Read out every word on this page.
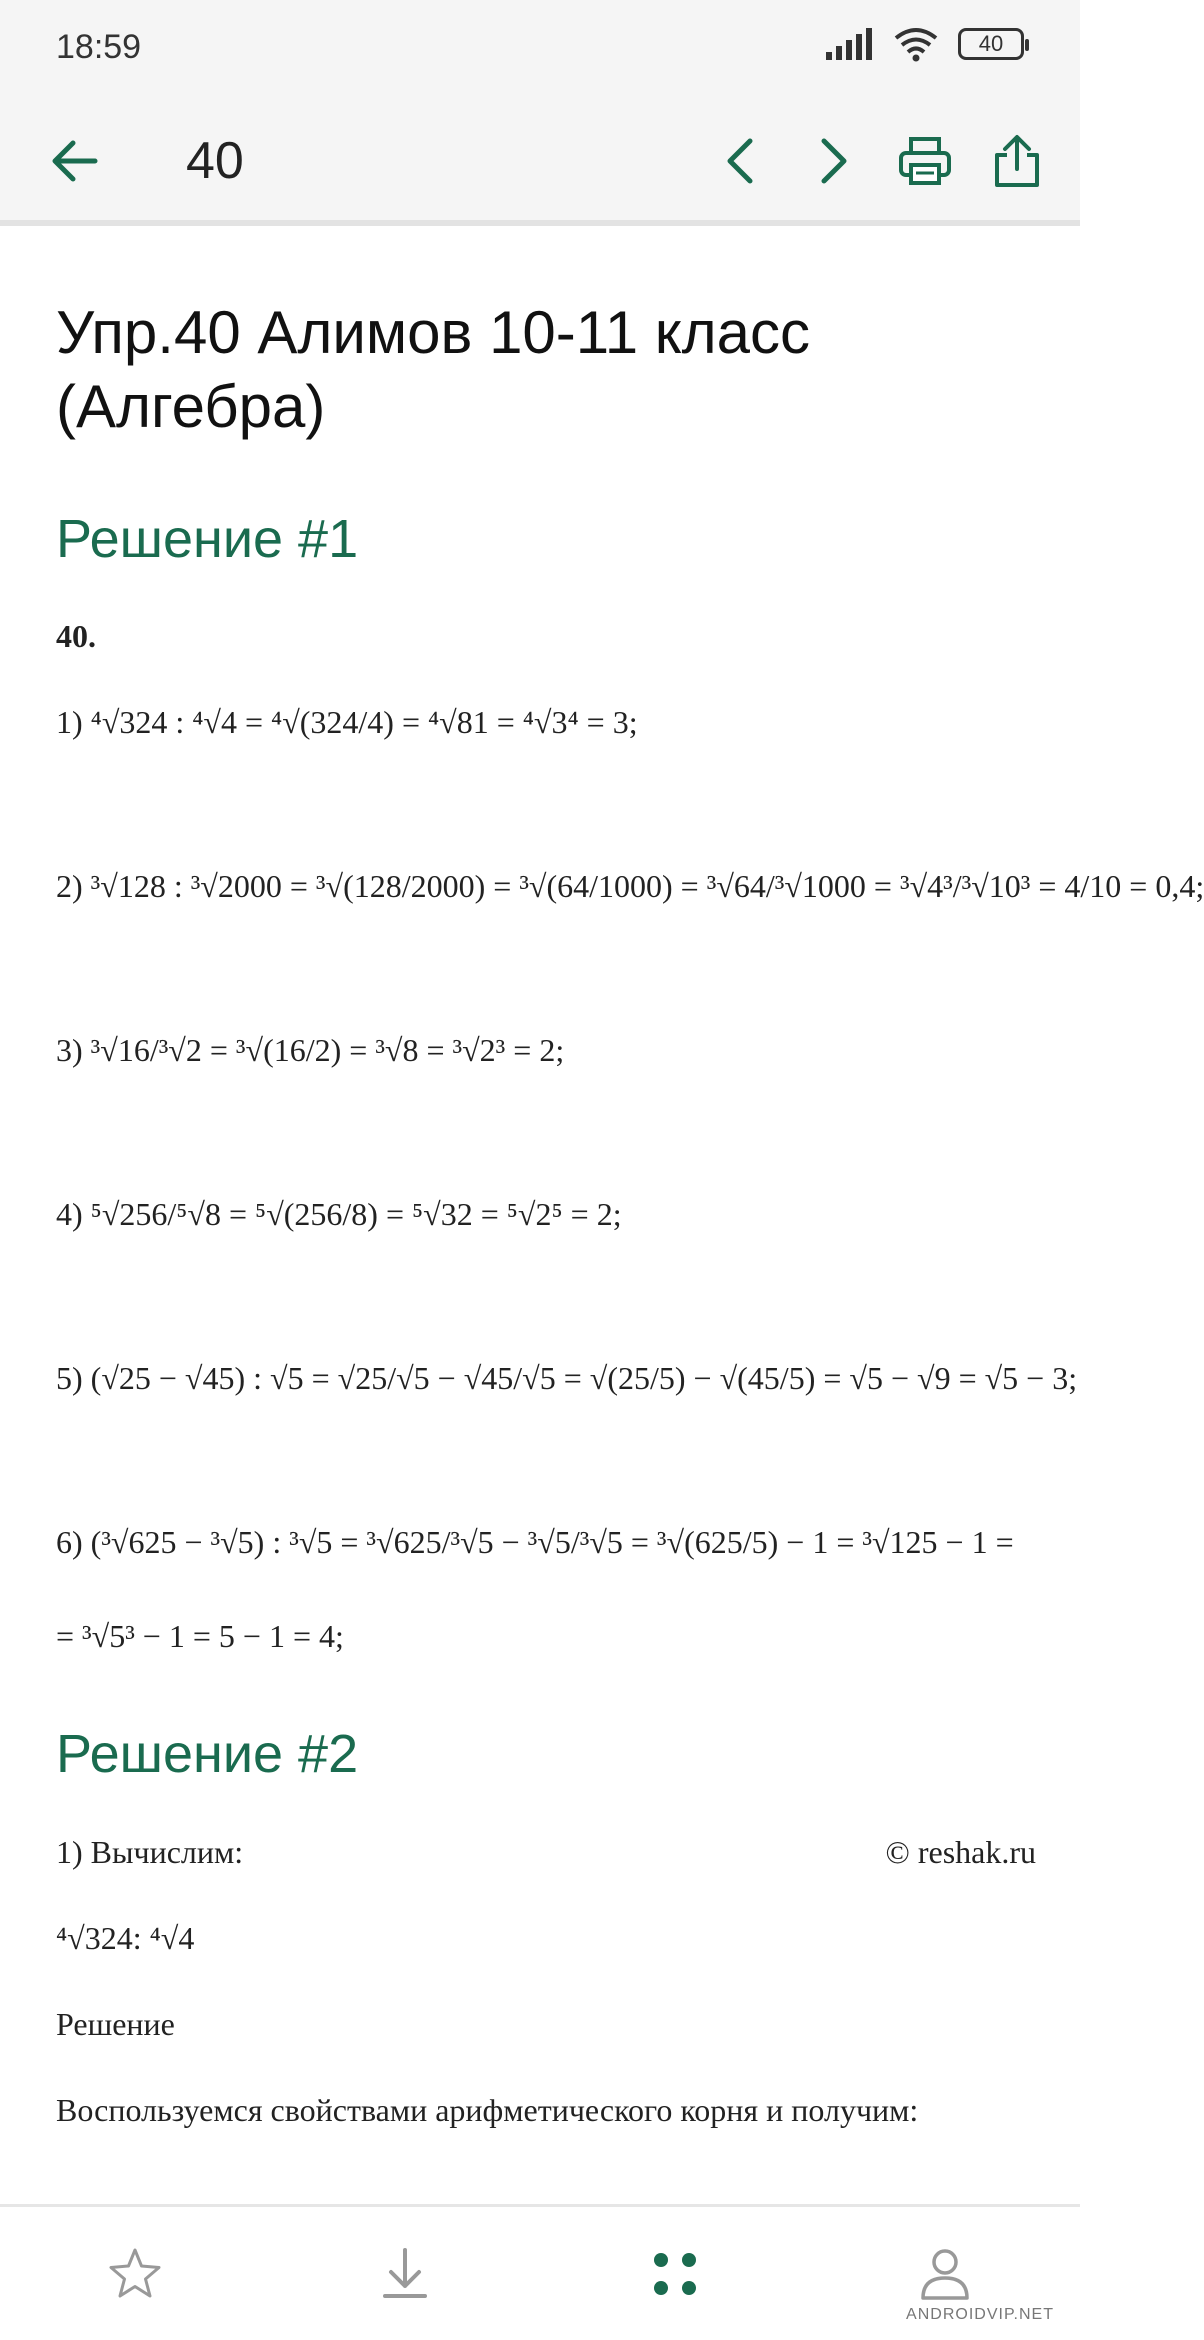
18:59	40
40
Упр.40 Алимов 10-11 класс
(Алгебра)
Решение #1
40.
1) ⁴√324 : ⁴√4 = ⁴√(324/4) = ⁴√81 = ⁴√3⁴ = 3;
2) ³√128 : ³√2000 = ³√(128/2000) = ³√(64/1000) = ³√64/³√1000 = ³√4³/³√10³ = 4/10 = 0,4;
3) ³√16/³√2 = ³√(16/2) = ³√8 = ³√2³ = 2;
4) ⁵√256/⁵√8 = ⁵√(256/8) = ⁵√32 = ⁵√2⁵ = 2;
5) (√25 − √45) : √5 = √25/√5 − √45/√5 = √(25/5) − √(45/5) = √5 − √9 = √5 − 3;
6) (³√625 − ³√5) : ³√5 = ³√625/³√5 − ³√5/³√5 = ³√(625/5) − 1 = ³√125 − 1 =
= ³√5³ − 1 = 5 − 1 = 4;
Решение #2
1) Вычислим:	© reshak.ru
⁴√324: ⁴√4
Решение
Воспользуемся свойствами арифметического корня и получим:
ANDROIDVIP.NET
